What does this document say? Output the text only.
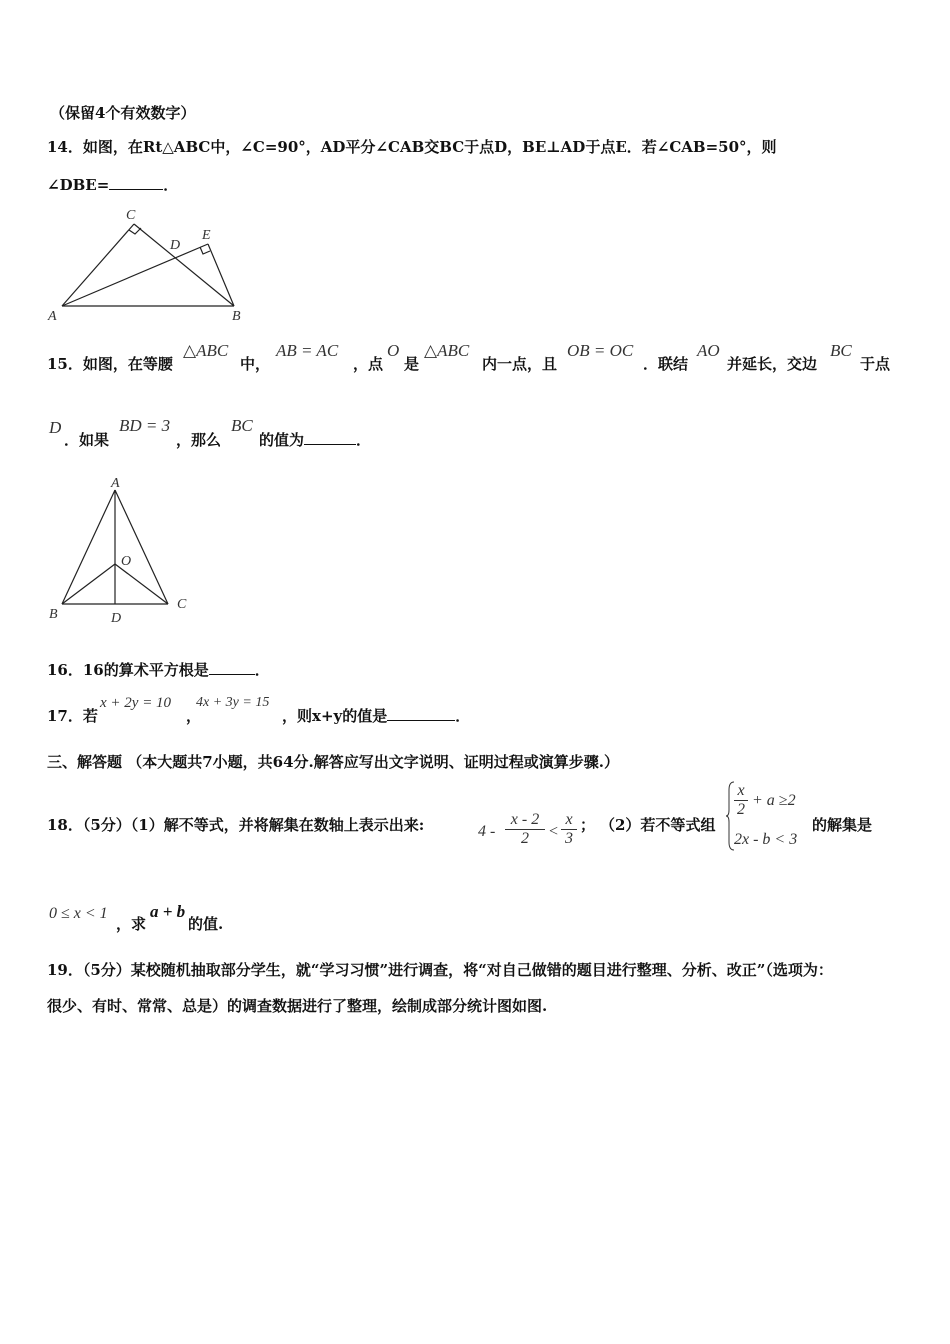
（保留4个有效数字）
14．如图，在Rt△ABC中，∠C=90°，AD平分∠CAB交BC于点D，BE⊥AD于点E．若∠CAB=50°，则
∠DBE=	．
C
D
E
A	B
15．如图，在等腰
△ABC
中，
AB = AC
，点
O
是
△ABC
内一点，且
OB = OC
．联结
AO
并延长，交边
BC
于点
D
．如果
BD = 3
，那么
BC
的值为	．
A
O
B	D
C
16．16的算术平方根是	．
17．若
x + 2y = 10
，
4x + 3y = 15
，则x+y的值是	．
三、解答题 （本大题共7小题，共64分.解答应写出文字说明、证明过程或演算步骤.）
18．（5分）（1）解不等式，并将解集在数轴上表示出来:	$4 - \frac{x - 2}{2} < \frac{x}{3}$ ； （2）若不等式组
$\frac{x}{2} + a \ge 2$
2x - b < 3
的解集是
0 ≤ x < 1
，求
a + b
的值.
19．（5分）某校随机抽取部分学生，就“学习习惯”进行调查，将“对自己做错的题目进行整理、分析、改正”（选项为：
很少、有时、常常、总是）的调查数据进行了整理，绘制成部分统计图如图.
